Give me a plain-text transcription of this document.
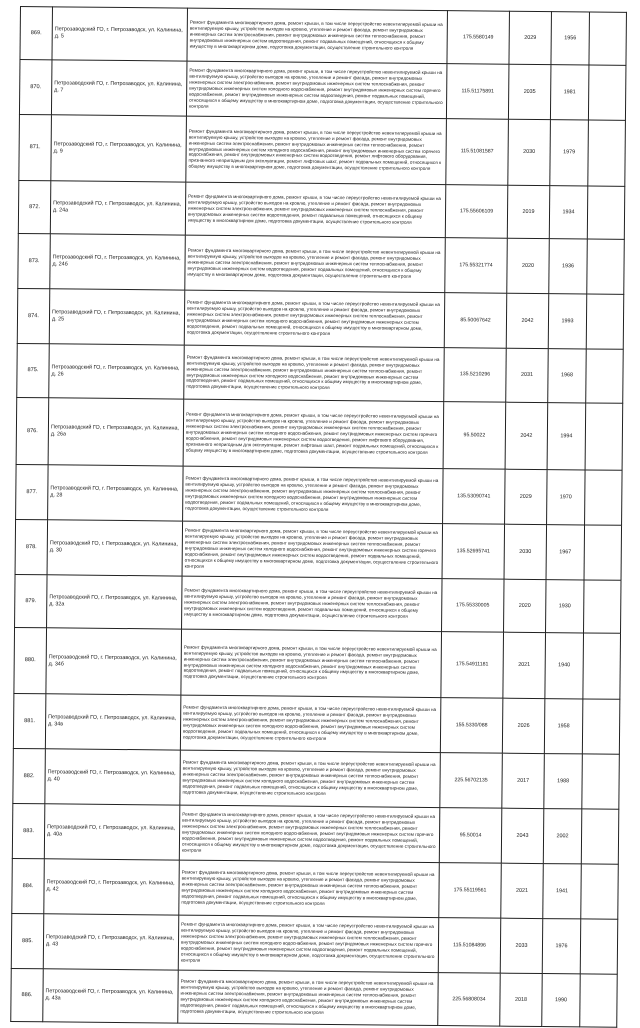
869.	Петрозаводский ГО, г. Петрозаводск, ул. Калинина, д. 5	Ремонт фундамента многоквартирного дома, ремонт крыши, в том числе переустройство невентилируемой крыши на вентилируемую крышу, устройство выходов на кровлю, утепление и ремонт фасада, ремонт внутридомовых инженерных систем электроснабжения, ремонт внутридомовых инженерных систем теплоснабжения, ремонт внутридомовых инженерных систем водоотведения, ремонт подвальных помещений, относящихся к общему имуществу в многоквартирном доме, подготовка документации, осуществление строительного контроля	175.5580149	2029	1956	
870.	Петрозаводский ГО, г. Петрозаводск, ул. Калинина, д. 7	Ремонт фундамента многоквартирного дома, ремонт крыши, в том числе переустройство невентилируемой крыши на вентилируемую крышу, устройство выходов на кровлю, утепление и ремонт фасада, ремонт внутридомовых инженерных систем электроснабжения, ремонт внутридомовых инженерных систем теплоснабжения, ремонт внутридомовых инженерных систем холодного водоснабжения, ремонт внутридомовых инженерных систем горячего водоснабжения, ремонт внутридомовых инженерных систем водоотведения, ремонт подвальных помещений, относящихся к общему имуществу в многоквартирном доме, подготовка документации, осуществление строительного контроля	115.51175891	2035	1981	
871.	Петрозаводский ГО, г. Петрозаводск, ул. Калинина, д. 9	Ремонт фундамента многоквартирного дома, ремонт крыши, в том числе переустройство невентилируемой крыши на вентилируемую крышу, устройство выходов на кровлю, утепление и ремонт фасада, ремонт внутридомовых инженерных систем электроснабжения, ремонт внутридомовых инженерных систем теплоснабжения, ремонт внутридомовых инженерных систем холодного водоснабжения, ремонт внутридомовых инженерных систем горячего водоснабжения, ремонт внутридомовых инженерных систем водоотведения, ремонт лифтового оборудования, признанного непригодным для эксплуатации, ремонт лифтовых шахт, ремонт подвальных помещений, относящихся к общему имуществу в многоквартирном доме, подготовка документации, осуществление строительного контроля	115.51081587	2030	1979	
872.	Петрозаводский ГО, г. Петрозаводск, ул. Калинина, д. 24а	Ремонт фундамента многоквартирного дома, ремонт крыши, в том числе переустройство невентилируемой крыши на вентилируемую крышу, устройство выходов на кровлю, утепление и ремонт фасада, ремонт внутридомовых инженерных систем электроснабжения, ремонт внутридомовых инженерных систем теплоснабжения, ремонт внутридомовых инженерных систем водоотведения, ремонт подвальных помещений, относящихся к общему имуществу в многоквартирном доме, подготовка документации, осуществление строительного контроля	175.55606109	2019	1934	
873.	Петрозаводский ГО, г. Петрозаводск, ул. Калинина, д. 24б	Ремонт фундамента многоквартирного дома, ремонт крыши, в том числе переустройство невентилируемой крыши на вентилируемую крышу, устройство выходов на кровлю, утепление и ремонт фасада, ремонт внутридомовых инженерных систем электроснабжения, ремонт внутридомовых инженерных систем теплоснабжения, ремонт внутридомовых инженерных систем водоотведения, ремонт подвальных помещений, относящихся к общему имуществу в многоквартирном доме, подготовка документации, осуществление строительного контроля	175.55321774	2020	1936	
874.	Петрозаводский ГО, г. Петрозаводск, ул. Калинина, д. 25	Ремонт фундамента многоквартирного дома, ремонт крыши, в том числе переустройство невентилируемой крыши на вентилируемую крышу, устройство выходов на кровлю, утепление и ремонт фасада, ремонт внутридомовых инженерных систем электроснабжения, ремонт внутридомовых инженерных систем теплоснабжения, ремонт внутридомовых инженерных систем холодного водоснабжения, ремонт внутридомовых инженерных систем водоотведения, ремонт подвальных помещений, относящихся к общему имуществу в многоквартирном доме, подготовка документации, осуществление строительного контроля	85.50067642	2042	1993	
875.	Петрозаводский ГО, г. Петрозаводск, ул. Калинина, д. 26	Ремонт фундамента многоквартирного дома, ремонт крыши, в том числе переустройство невентилируемой крыши на вентилируемую крышу, устройство выходов на кровлю, утепление и ремонт фасада, ремонт внутридомовых инженерных систем электроснабжения, ремонт внутридомовых инженерных систем теплоснабжения, ремонт внутридомовых инженерных систем холодного водоснабжения, ремонт внутридомовых инженерных систем водоотведения, ремонт подвальных помещений, относящихся к общему имуществу в многоквартирном доме, подготовка документации, осуществление строительного контроля	135.5210296	2031	1968	
876.	Петрозаводский ГО, г. Петрозаводск, ул. Калинина, д. 26а	Ремонт фундамента многоквартирного дома, ремонт крыши, в том числе переустройство невентилируемой крыши на вентилируемую крышу, устройство выходов на кровлю, утепление и ремонт фасада, ремонт внутридомовых инженерных систем электроснабжения, ремонт внутридомовых инженерных систем теплоснабжения, ремонт внутридомовых инженерных систем холодного водоснабжения, ремонт внутридомовых инженерных систем горячего водоснабжения, ремонт внутридомовых инженерных систем водоотведения, ремонт лифтового оборудования, признанного непригодным для эксплуатации, ремонт лифтовых шахт, ремонт подвальных помещений, относящихся к общему имуществу в многоквартирном доме, подготовка документации, осуществление строительного контроля	95.50022	2042	1994	
877.	Петрозаводский ГО, г. Петрозаводск, ул. Калинина, д. 28	Ремонт фундамента многоквартирного дома, ремонт крыши, в том числе переустройство невентилируемой крыши на вентилируемую крышу, устройство выходов на кровлю, утепление и ремонт фасада, ремонт внутридомовых инженерных систем электроснабжения, ремонт внутридомовых инженерных систем теплоснабжения, ремонт внутридомовых инженерных систем холодного водоснабжения, ремонт внутридомовых инженерных систем водоотведения, ремонт подвальных помещений, относящихся к общему имуществу в многоквартирном доме, подготовка документации, осуществление строительного контроля	135.53090741	2029	1970	
878.	Петрозаводский ГО, г. Петрозаводск, ул. Калинина, д. 30	Ремонт фундамента многоквартирного дома, ремонт крыши, в том числе переустройство невентилируемой крыши на вентилируемую крышу, устройство выходов на кровлю, утепление и ремонт фасада, ремонт внутридомовых инженерных систем электроснабжения, ремонт внутридомовых инженерных систем теплоснабжения, ремонт внутридомовых инженерных систем холодного водоснабжения, ремонт внутридомовых инженерных систем горячего водоснабжения, ремонт внутридомовых инженерных систем водоотведения, ремонт подвальных помещений, относящихся к общему имуществу в многоквартирном доме, подготовка документации, осуществление строительного контроля	135.52695741	2030	1967	
879.	Петрозаводский ГО, г. Петрозаводск, ул. Калинина, д. 32а	Ремонт фундамента многоквартирного дома, ремонт крыши, в том числе переустройство невентилируемой крыши на вентилируемую крышу, устройство выходов на кровлю, утепление и ремонт фасада, ремонт внутридомовых инженерных систем электроснабжения, ремонт внутридомовых инженерных систем теплоснабжения, ремонт внутридомовых инженерных систем водоотведения, ремонт подвальных помещений, относящихся к общему имуществу в многоквартирном доме, подготовка документации, осуществление строительного контроля	175.55330005	2020	1930	
880.	Петрозаводский ГО, г. Петрозаводск, ул. Калинина, д. 34б	Ремонт фундамента многоквартирного дома, ремонт крыши, в том числе переустройство невентилируемой крыши на вентилируемую крышу, устройство выходов на кровлю, утепление и ремонт фасада, ремонт внутридомовых инженерных систем электроснабжения, ремонт внутридомовых инженерных систем теплоснабжения, ремонт внутридомовых инженерных систем холодного водоснабжения, ремонт внутридомовых инженерных систем водоотведения, ремонт подвальных помещений, относящихся к общему имуществу в многоквартирном доме, подготовка документации, осуществление строительного контроля	175.54911181	2021	1940	
881.	Петрозаводский ГО, г. Петрозаводск, ул. Калинина, д. 34в	Ремонт фундамента многоквартирного дома, ремонт крыши, в том числе переустройство невентилируемой крыши на вентилируемую крышу, устройство выходов на кровлю, утепление и ремонт фасада, ремонт внутридомовых инженерных систем электроснабжения, ремонт внутридомовых инженерных систем теплоснабжения, ремонт внутридомовых инженерных систем холодного водоснабжения, ремонт внутридомовых инженерных систем водоотведения, ремонт подвальных помещений, относящихся к общему имуществу в многоквартирном доме, подготовка документации, осуществление строительного контроля	155.5330/088	2026	1958	
882.	Петрозаводский ГО, г. Петрозаводск, ул. Калинина, д. 40	Ремонт фундамента многоквартирного дома, ремонт крыши, в том числе переустройство невентилируемой крыши на вентилируемую крышу, устройство выходов на кровлю, утепление и ремонт фасада, ремонт внутридомовых инженерных систем электроснабжения, ремонт внутридомовых инженерных систем теплоснабжения, ремонт внутридомовых инженерных систем холодного водоснабжения, ремонт внутридомовых инженерных систем водоотведения, ремонт подвальных помещений, относящихся к общему имуществу в многоквартирном доме, подготовка документации, осуществление строительного контроля	225.56702135	2017	1988	
883.	Петрозаводский ГО, г. Петрозаводск, ул. Калинина, д. 40а	Ремонт фундамента многоквартирного дома, ремонт крыши, в том числе переустройство невентилируемой крыши на вентилируемую крышу, устройство выходов на кровлю, утепление и ремонт фасада, ремонт внутридомовых инженерных систем электроснабжения, ремонт внутридомовых инженерных систем теплоснабжения, ремонт внутридомовых инженерных систем холодного водоснабжения, ремонт внутридомовых инженерных систем горячего водоснабжения, ремонт внутридомовых инженерных систем водоотведения, ремонт подвальных помещений, относящихся к общему имуществу в многоквартирном доме, подготовка документации, осуществление строительного контроля	95.50014	2043	2002	
884.	Петрозаводский ГО, г. Петрозаводск, ул. Калинина, д. 42	Ремонт фундамента многоквартирного дома, ремонт крыши, в том числе переустройство невентилируемой крыши на вентилируемую крышу, устройство выходов на кровлю, утепление и ремонт фасада, ремонт внутридомовых инженерных систем электроснабжения, ремонт внутридомовых инженерных систем теплоснабжения, ремонт внутридомовых инженерных систем холодного водоснабжения, ремонт внутридомовых инженерных систем водоотведения, ремонт подвальных помещений, относящихся к общему имуществу в многоквартирном доме, подготовка документации, осуществление строительного контроля	175.55119561	2021	1941	
885.	Петрозаводский ГО, г. Петрозаводск, ул. Калинина, д. 43	Ремонт фундамента многоквартирного дома, ремонт крыши, в том числе переустройство невентилируемой крыши на вентилируемую крышу, устройство выходов на кровлю, утепление и ремонт фасада, ремонт внутридомовых инженерных систем электроснабжения, ремонт внутридомовых инженерных систем теплоснабжения, ремонт внутридомовых инженерных систем холодного водоснабжения, ремонт внутридомовых инженерных систем горячего водоснабжения, ремонт внутридомовых инженерных систем водоотведения, ремонт подвальных помещений, относящихся к общему имуществу в многоквартирном доме, подготовка документации, осуществление строительного контроля	115.51084896	2033	1976	
886.	Петрозаводский ГО, г. Петрозаводск, ул. Калинина, д. 43а	Ремонт фундамента многоквартирного дома, ремонт крыши, в том числе переустройство невентилируемой крыши на вентилируемую крышу, устройство выходов на кровлю, утепление и ремонт фасада, ремонт внутридомовых инженерных систем электроснабжения, ремонт внутридомовых инженерных систем теплоснабжения, ремонт внутридомовых инженерных систем холодного водоснабжения, ремонт внутридомовых инженерных систем водоотведения, ремонт подвальных помещений, относящихся к общему имуществу в многоквартирном доме, подготовка документации, осуществление строительного контроля	225.56808034	2018	1990	
